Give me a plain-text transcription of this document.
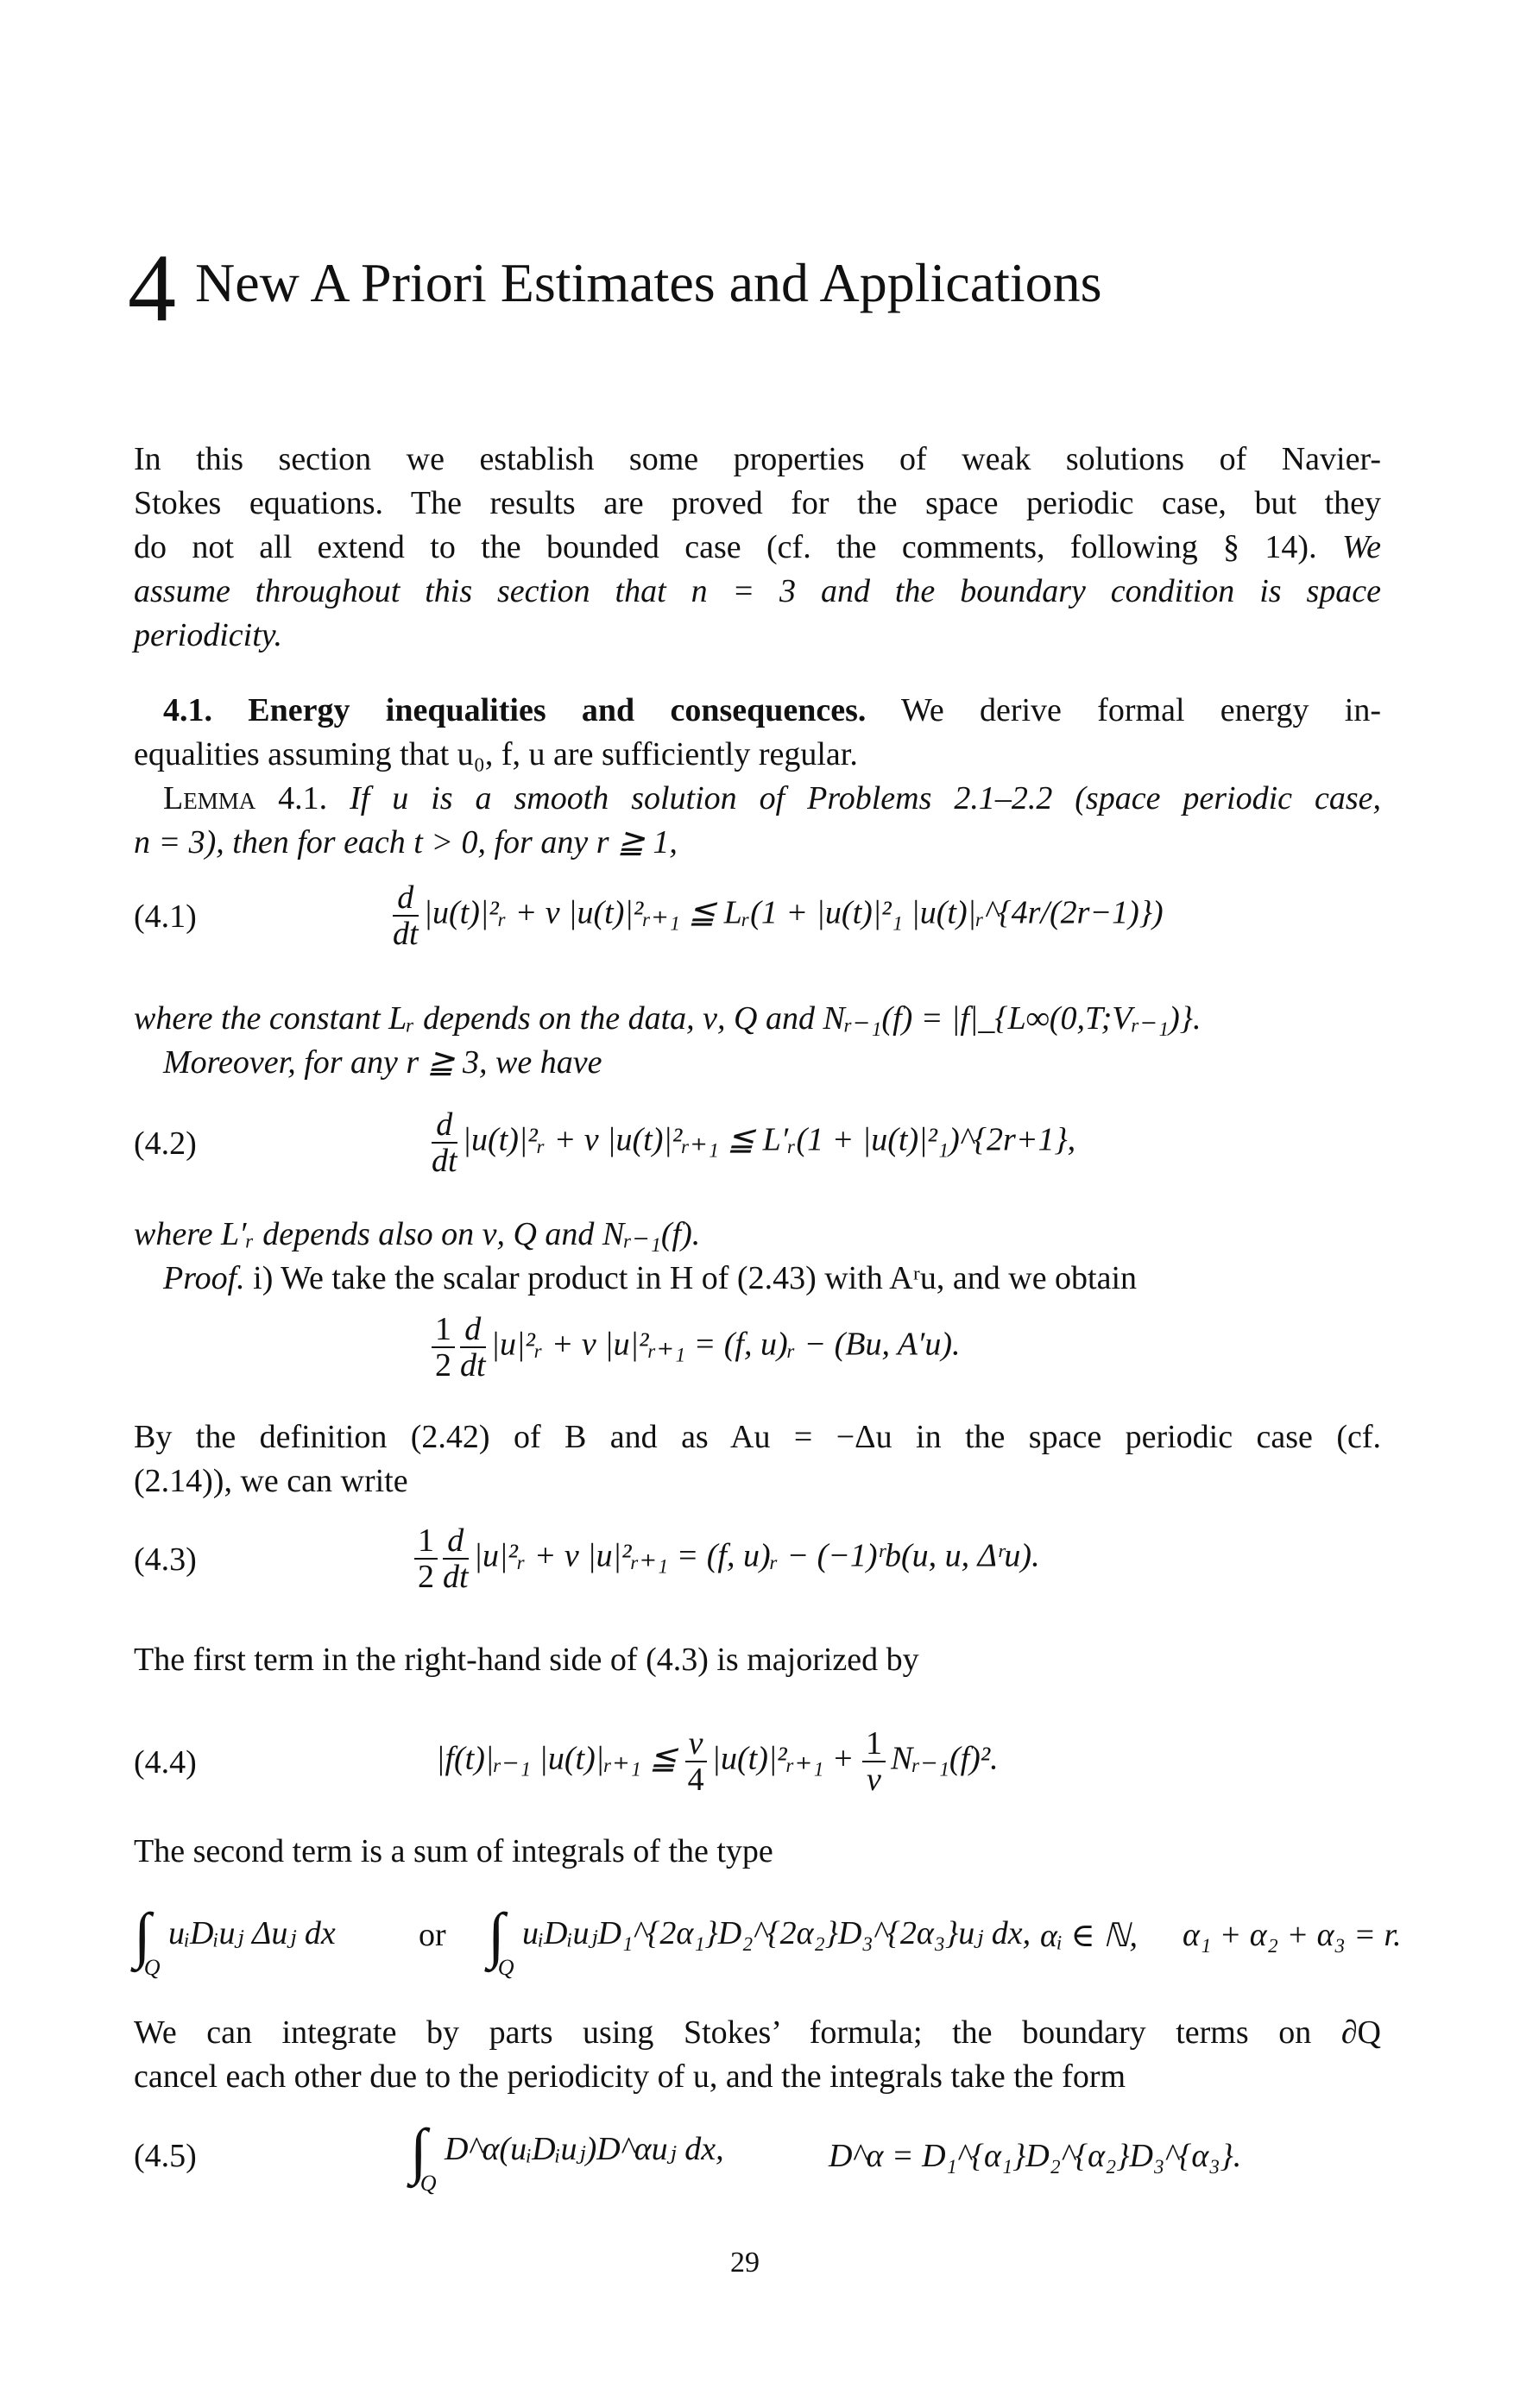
4 New A Priori Estimates and Applications
In this section we establish some properties of weak solutions of Navier-
Stokes equations. The results are proved for the space periodic case, but they
do not all extend to the bounded case (cf. the comments, following § 14). We
assume throughout this section that n = 3 and the boundary condition is space
periodicity.
4.1. Energy inequalities and consequences. We derive formal energy in-
equalities assuming that u₀, f, u are sufficiently regular.
Lemma 4.1. If u is a smooth solution of Problems 2.1–2.2 (space periodic case,
n = 3), then for each t > 0, for any r ≧ 1,
(4.1)	$\frac{d}{dt}$ |u(t)|²ᵣ + ν |u(t)|²ᵣ₊₁ ≦ Lᵣ(1 + |u(t)|²₁ |u(t)|ᵣ^{4r/(2r−1)})
where the constant Lᵣ depends on the data, ν, Q and Nᵣ₋₁(f) = |f|_{L∞(0,T;Vᵣ₋₁)}.
Moreover, for any r ≧ 3, we have
(4.2)	$\frac{d}{dt}$ |u(t)|²ᵣ + ν |u(t)|²ᵣ₊₁ ≦ L′ᵣ(1 + |u(t)|²₁)^{2r+1},
where L′ᵣ depends also on ν, Q and Nᵣ₋₁(f).
Proof. i) We take the scalar product in H of (2.43) with Aʳu, and we obtain
$\frac{1}{2} \frac{d}{dt}$ |u|²ᵣ + ν |u|²ᵣ₊₁ = (f, u)ᵣ − (Bu, A′u).
By the definition (2.42) of B and as Au = −Δu in the space periodic case (cf.
(2.14)), we can write
(4.3)	$\frac{1}{2} \frac{d}{dt}$ |u|²ᵣ + ν |u|²ᵣ₊₁ = (f, u)ᵣ − (−1)ʳb(u, u, Δʳu).
The first term in the right-hand side of (4.3) is majorized by
(4.4)	|f(t)|ᵣ₋₁ |u(t)|ᵣ₊₁ ≦ $\frac{\nu}{4}$ |u(t)|²ᵣ₊₁ + $\frac{1}{\nu}$ Nᵣ₋₁(f)².
The second term is a sum of integrals of the type
$\int_Q$ uᵢDᵢuⱼ Δuⱼ dx	or $\int_Q$ uᵢDᵢuⱼD₁^{2α₁}D₂^{2α₂}D₃^{2α₃}uⱼ dx, αᵢ ∈ ℕ, α₁ + α₂ + α₃ = r.
We can integrate by parts using Stokes’ formula; the boundary terms on ∂Q
cancel each other due to the periodicity of u, and the integrals take the form
(4.5)	$\int_Q$ D^α(uᵢDᵢuⱼ)D^αuⱼ dx,	D^α = D₁^{α₁}D₂^{α₂}D₃^{α₃}.
29
